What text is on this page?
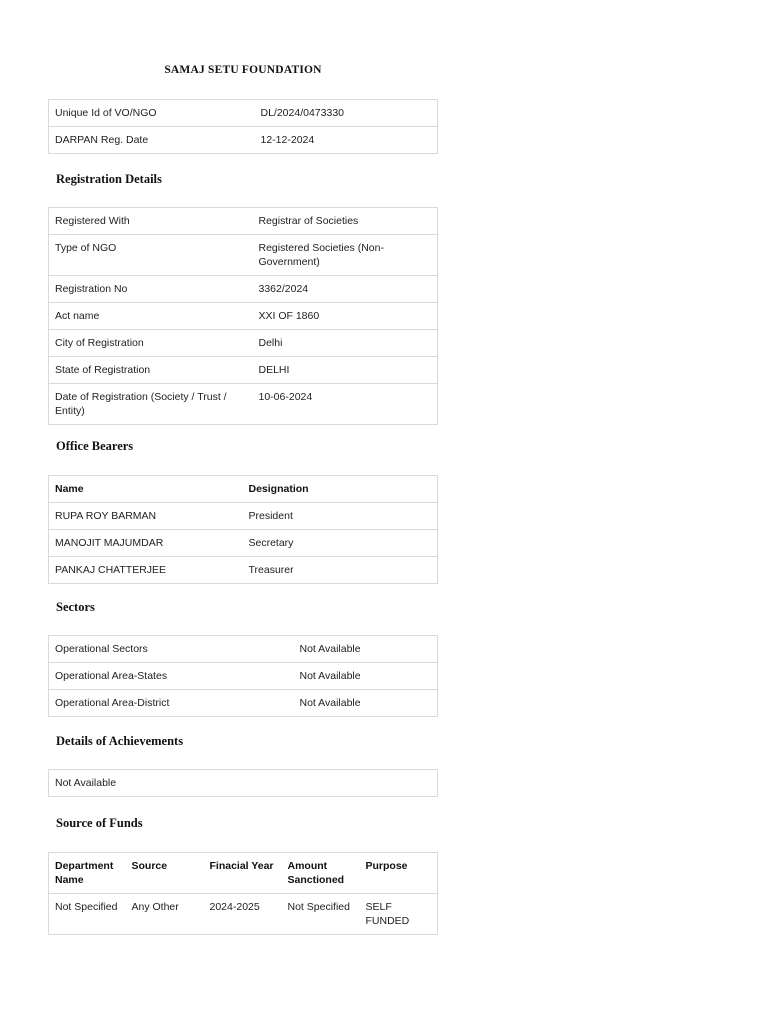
SAMAJ SETU FOUNDATION
Unique Id of VO/NGO	DL/2024/0473330
DARPAN Reg. Date	12-12-2024
Registration Details
Registered With	Registrar of Societies
Type of NGO	Registered Societies (Non-Government)
Registration No	3362/2024
Act name	XXI OF 1860
City of Registration	Delhi
State of Registration	DELHI
Date of Registration (Society / Trust / Entity)	10-06-2024
Office Bearers
Name	Designation
RUPA ROY BARMAN	President
MANOJIT MAJUMDAR	Secretary
PANKAJ CHATTERJEE	Treasurer
Sectors
Operational Sectors	Not Available
Operational Area-States	Not Available
Operational Area-District	Not Available
Details of Achievements
Not Available
Source of Funds
Department Name	Source	Finacial Year	Amount Sanctioned	Purpose
Not Specified	Any Other	2024-2025	Not Specified	SELF FUNDED
